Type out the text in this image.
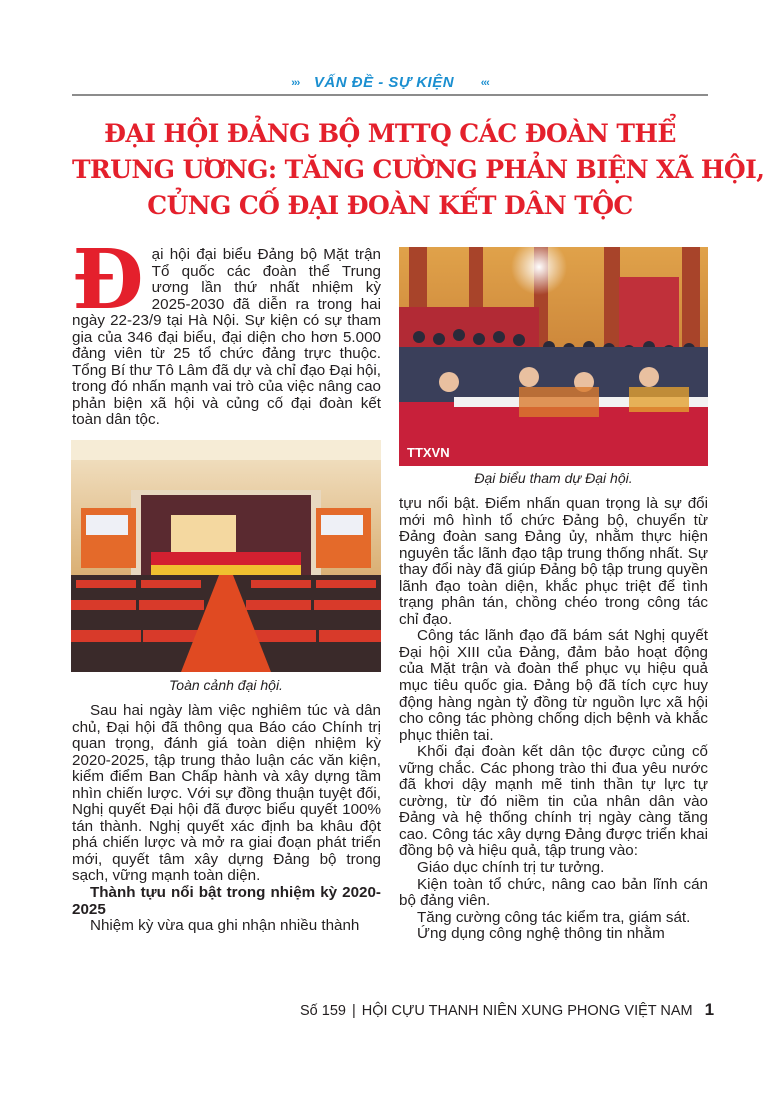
››› VẤN ĐỀ - SỰ KIỆN ‹‹‹
ĐẠI HỘI ĐẢNG BỘ MTTQ CÁC ĐOÀN THỂ
TRUNG ƯƠNG: TĂNG CƯỜNG PHẢN BIỆN XÃ HỘI,
CỦNG CỐ ĐẠI ĐOÀN KẾT DÂN TỘC
Đ ại hội đại biểu Đảng bộ Mặt trận Tổ quốc các đoàn thể Trung ương lần thứ nhất nhiệm kỳ 2025-2030 đã diễn ra trong hai ngày 22-23/9 tại Hà Nội. Sự kiện có sự tham gia của 346 đại biểu, đại diện cho hơn 5.000 đảng viên từ 25 tổ chức đảng trực thuộc. Tổng Bí thư Tô Lâm đã dự và chỉ đạo Đại hội, trong đó nhấn mạnh vai trò của việc nâng cao phản biện xã hội và củng cố đại đoàn kết toàn dân tộc.

TTXVN
Đại biểu tham dự Đại hội.
Toàn cảnh đại hội.

Sau hai ngày làm việc nghiêm túc và dân chủ, Đại hội đã thông qua Báo cáo Chính trị quan trọng, đánh giá toàn diện nhiệm kỳ 2020-2025, tập trung thảo luận các văn kiện, kiểm điểm Ban Chấp hành và xây dựng tầm nhìn chiến lược. Với sự đồng thuận tuyệt đối, Nghị quyết Đại hội đã được biểu quyết 100% tán thành. Nghị quyết xác định ba khâu đột phá chiến lược và mở ra giai đoạn phát triển mới, quyết tâm xây dựng Đảng bộ trong sạch, vững mạnh toàn diện.

Thành tựu nổi bật trong nhiệm kỳ 2020-2025

Nhiệm kỳ vừa qua ghi nhận nhiều thành

tựu nổi bật. Điểm nhấn quan trọng là sự đổi mới mô hình tổ chức Đảng bộ, chuyển từ Đảng đoàn sang Đảng ủy, nhằm thực hiện nguyên tắc lãnh đạo tập trung thống nhất. Sự thay đổi này đã giúp Đảng bộ tập trung quyền lãnh đạo toàn diện, khắc phục triệt để tình trạng phân tán, chồng chéo trong công tác chỉ đạo.

Công tác lãnh đạo đã bám sát Nghị quyết Đại hội XIII của Đảng, đảm bảo hoạt động của Mặt trận và đoàn thể phục vụ hiệu quả mục tiêu quốc gia. Đảng bộ đã tích cực huy động hàng ngàn tỷ đồng từ nguồn lực xã hội cho công tác phòng chống dịch bệnh và khắc phục thiên tai.

Khối đại đoàn kết dân tộc được củng cố vững chắc. Các phong trào thi đua yêu nước đã khơi dậy mạnh mẽ tinh thần tự lực tự cường, từ đó niềm tin của nhân dân vào Đảng và hệ thống chính trị ngày càng tăng cao. Công tác xây dựng Đảng được triển khai đồng bộ và hiệu quả, tập trung vào:

Giáo dục chính trị tư tưởng.

Kiện toàn tổ chức, nâng cao bản lĩnh cán bộ đảng viên.

Tăng cường công tác kiểm tra, giám sát.

Ứng dụng công nghệ thông tin nhằm

Số 159 | HỘI CỰU THANH NIÊN XUNG PHONG VIỆT NAM 1
